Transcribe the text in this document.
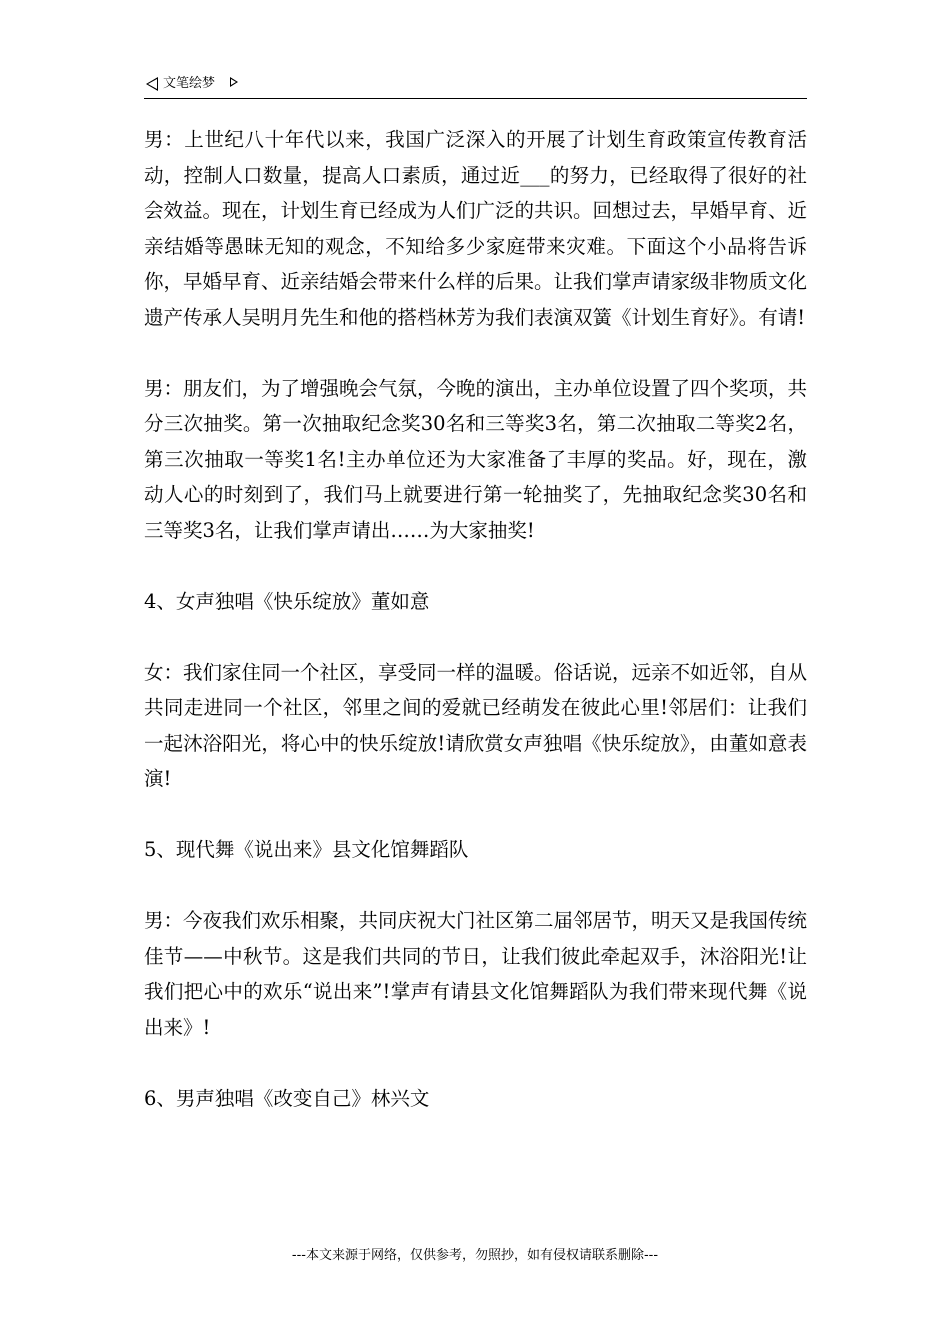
文笔绘梦

男：上世纪八十年代以来，我国广泛深入的开展了计划生育政策宣传教育活动，控制人口数量，提高人口素质，通过近___的努力，已经取得了很好的社会效益。现在，计划生育已经成为人们广泛的共识。回想过去，早婚早育、近亲结婚等愚昧无知的观念，不知给多少家庭带来灾难。下面这个小品将告诉你，早婚早育、近亲结婚会带来什么样的后果。让我们掌声请家级非物质文化遗产传承人吴明月先生和他的搭档林芳为我们表演双簧《计划生育好》。有请!

男：朋友们，为了增强晚会气氛，今晚的演出，主办单位设置了四个奖项，共分三次抽奖。第一次抽取纪念奖30名和三等奖3名，第二次抽取二等奖2名，第三次抽取一等奖1名!主办单位还为大家准备了丰厚的奖品。好，现在，激动人心的时刻到了，我们马上就要进行第一轮抽奖了，先抽取纪念奖30名和三等奖3名，让我们掌声请出……为大家抽奖!

4、女声独唱《快乐绽放》董如意

女：我们家住同一个社区，享受同一样的温暖。俗话说，远亲不如近邻，自从共同走进同一个社区，邻里之间的爱就已经萌发在彼此心里!邻居们：让我们一起沐浴阳光，将心中的快乐绽放!请欣赏女声独唱《快乐绽放》，由董如意表演!

5、现代舞《说出来》县文化馆舞蹈队

男：今夜我们欢乐相聚，共同庆祝大门社区第二届邻居节，明天又是我国传统佳节——中秋节。这是我们共同的节日，让我们彼此牵起双手，沐浴阳光!让我们把心中的欢乐“说出来”!掌声有请县文化馆舞蹈队为我们带来现代舞《说出来》!

6、男声独唱《改变自己》林兴文

---本文来源于网络，仅供参考，勿照抄，如有侵权请联系删除---
